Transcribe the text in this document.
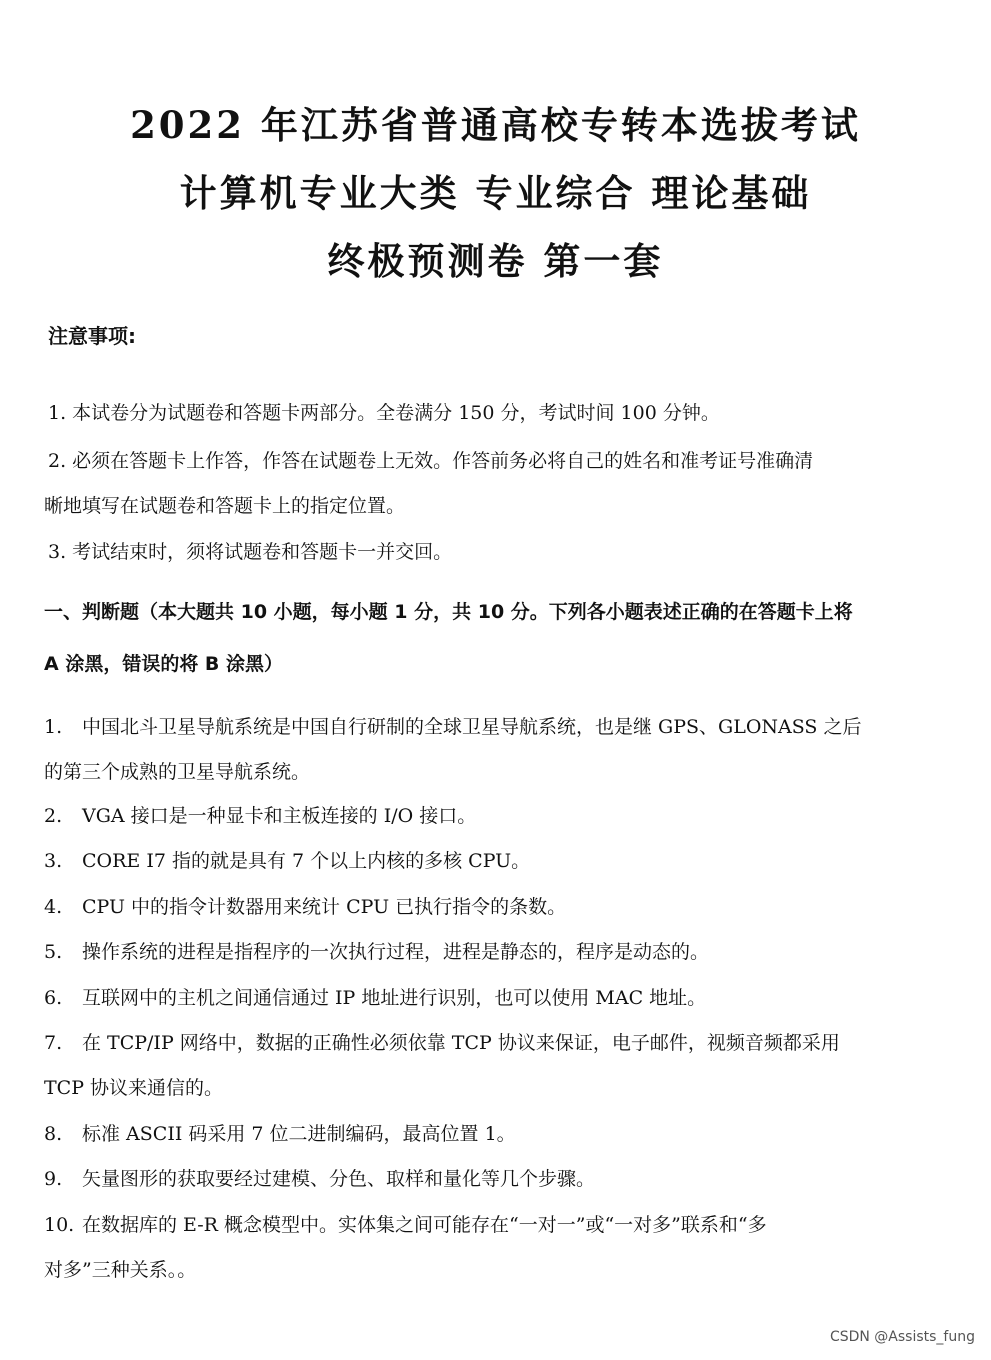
2022 年江苏省普通高校专转本选拔考试
计算机专业大类 专业综合 理论基础
终极预测卷 第一套
注意事项:
1. 本试卷分为试题卷和答题卡两部分。全卷满分 150 分，考试时间 100 分钟。
2. 必须在答题卡上作答，作答在试题卷上无效。作答前务必将自己的姓名和准考证号准确清
晰地填写在试题卷和答题卡上的指定位置。
3. 考试结束时，须将试题卷和答题卡一并交回。
一、判断题（本大题共 10 小题，每小题 1 分，共 10 分。下列各小题表述正确的在答题卡上将
A 涂黑，错误的将 B 涂黑）
1. 中国北斗卫星导航系统是中国自行研制的全球卫星导航系统，也是继 GPS、GLONASS 之后
的第三个成熟的卫星导航系统。
2. VGA 接口是一种显卡和主板连接的 I/O 接口。
3. CORE I7 指的就是具有 7 个以上内核的多核 CPU。
4. CPU 中的指令计数器用来统计 CPU 已执行指令的条数。
5. 操作系统的进程是指程序的一次执行过程，进程是静态的，程序是动态的。
6. 互联网中的主机之间通信通过 IP 地址进行识别，也可以使用 MAC 地址。
7. 在 TCP/IP 网络中，数据的正确性必须依靠 TCP 协议来保证，电子邮件，视频音频都采用
TCP 协议来通信的。
8. 标准 ASCII 码采用 7 位二进制编码，最高位置 1。
9. 矢量图形的获取要经过建模、分色、取样和量化等几个步骤。
10. 在数据库的 E-R 概念模型中。实体集之间可能存在“一对一”或“一对多”联系和“多
对多”三种关系。。
CSDN @Assists_fung
